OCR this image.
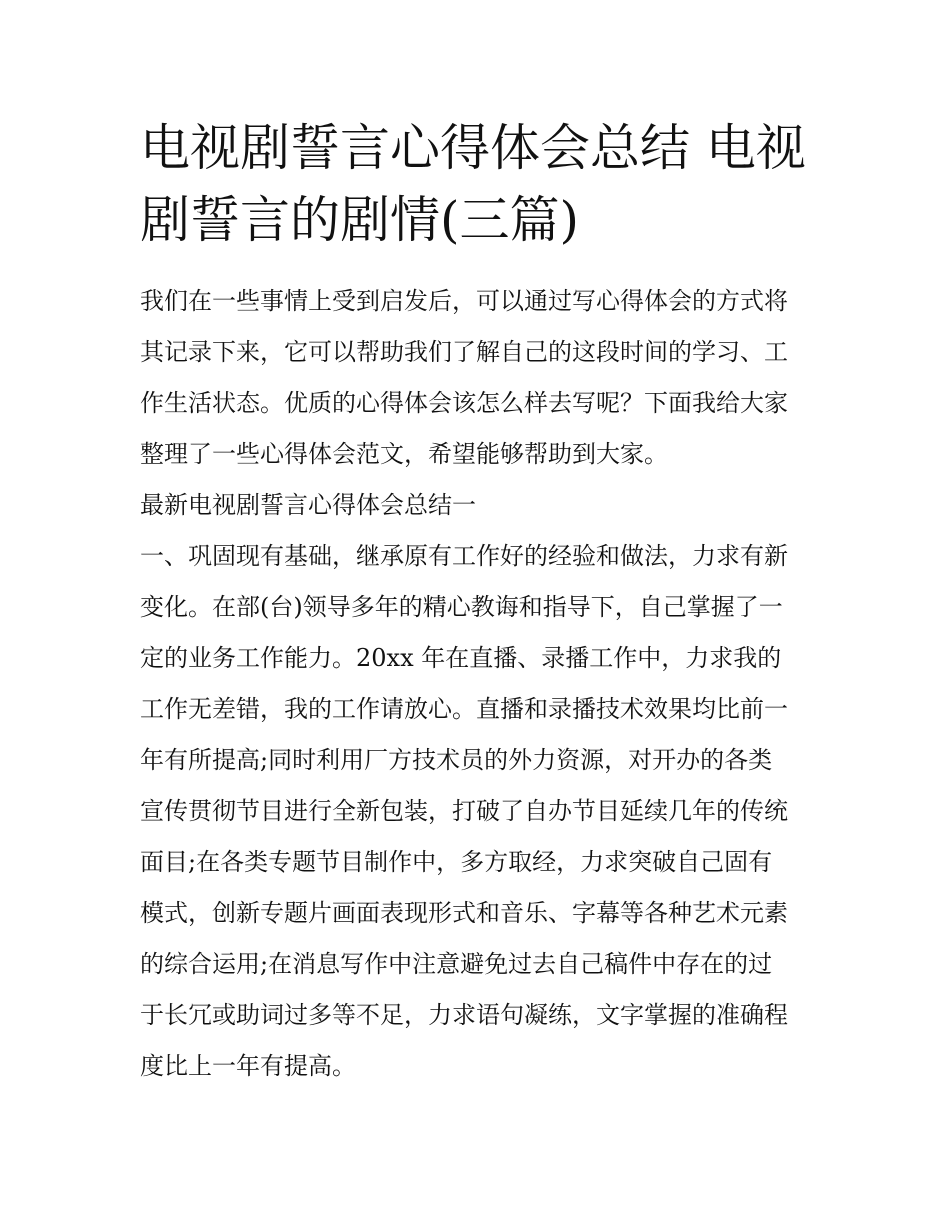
电视剧誓言心得体会总结 电视
剧誓言的剧情(三篇)
我们在一些事情上受到启发后，可以通过写心得体会的方式将
其记录下来，它可以帮助我们了解自己的这段时间的学习、工
作生活状态。优质的心得体会该怎么样去写呢？下面我给大家
整理了一些心得体会范文，希望能够帮助到大家。
最新电视剧誓言心得体会总结一
一、巩固现有基础，继承原有工作好的经验和做法，力求有新
变化。在部(台)领导多年的精心教诲和指导下，自己掌握了一
定的业务工作能力。20xx 年在直播、录播工作中，力求我的
工作无差错，我的工作请放心。直播和录播技术效果均比前一
年有所提高;同时利用厂方技术员的外力资源，对开办的各类
宣传贯彻节目进行全新包装，打破了自办节目延续几年的传统
面目;在各类专题节目制作中，多方取经，力求突破自己固有
模式，创新专题片画面表现形式和音乐、字幕等各种艺术元素
的综合运用;在消息写作中注意避免过去自己稿件中存在的过
于长冗或助词过多等不足，力求语句凝练，文字掌握的准确程
度比上一年有提高。
